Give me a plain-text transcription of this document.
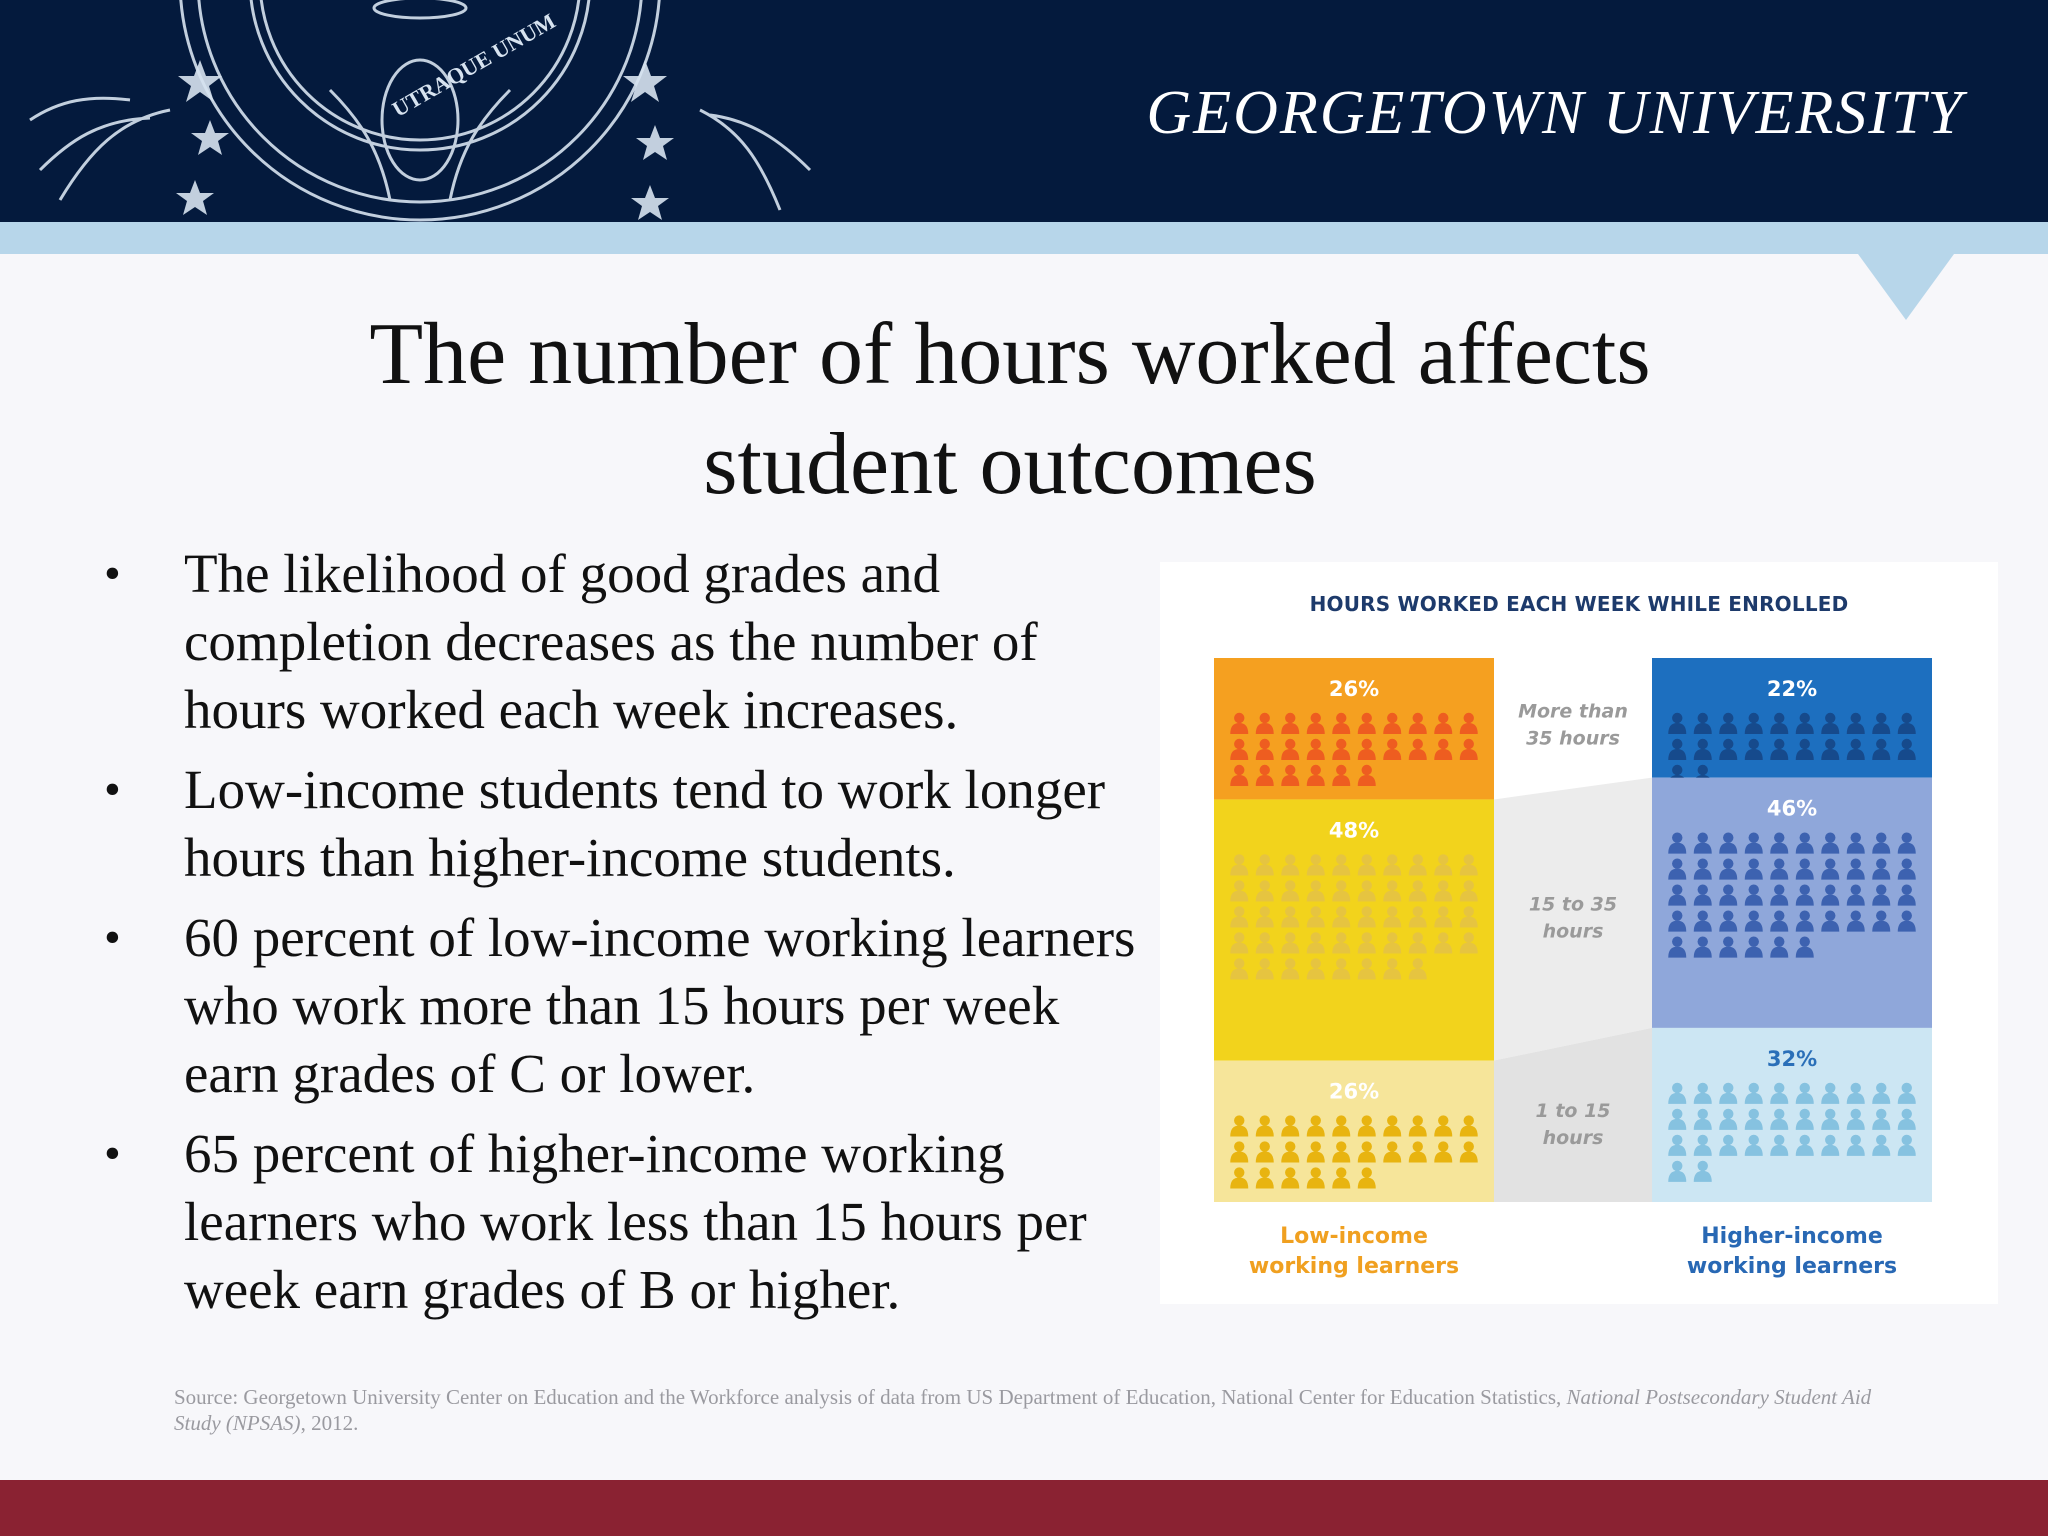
UTRAQUE UNUM	GEORGETOWN UNIVERSITY
The number of hours worked affects
student outcomes
• The likelihood of good grades and completion decreases as the number of hours worked each week increases.
• Low-income students tend to work longer hours than higher-income students.
• 60 percent of low-income working learners who work more than 15 hours per week earn grades of C or lower.
• 65 percent of higher-income working learners who work less than 15 hours per week earn grades of B or higher.
HOURS WORKED EACH WEEK WHILE ENROLLED
More than
35 hours
15 to 35
hours
1 to 15
hours
26%
48%
26%
22%
46%
32%
Low-income
working learners
Higher-income
working learners
Source: Georgetown University Center on Education and the Workforce analysis of data from US Department of Education, National Center for Education Statistics, National Postsecondary Student Aid Study (NPSAS), 2012.
